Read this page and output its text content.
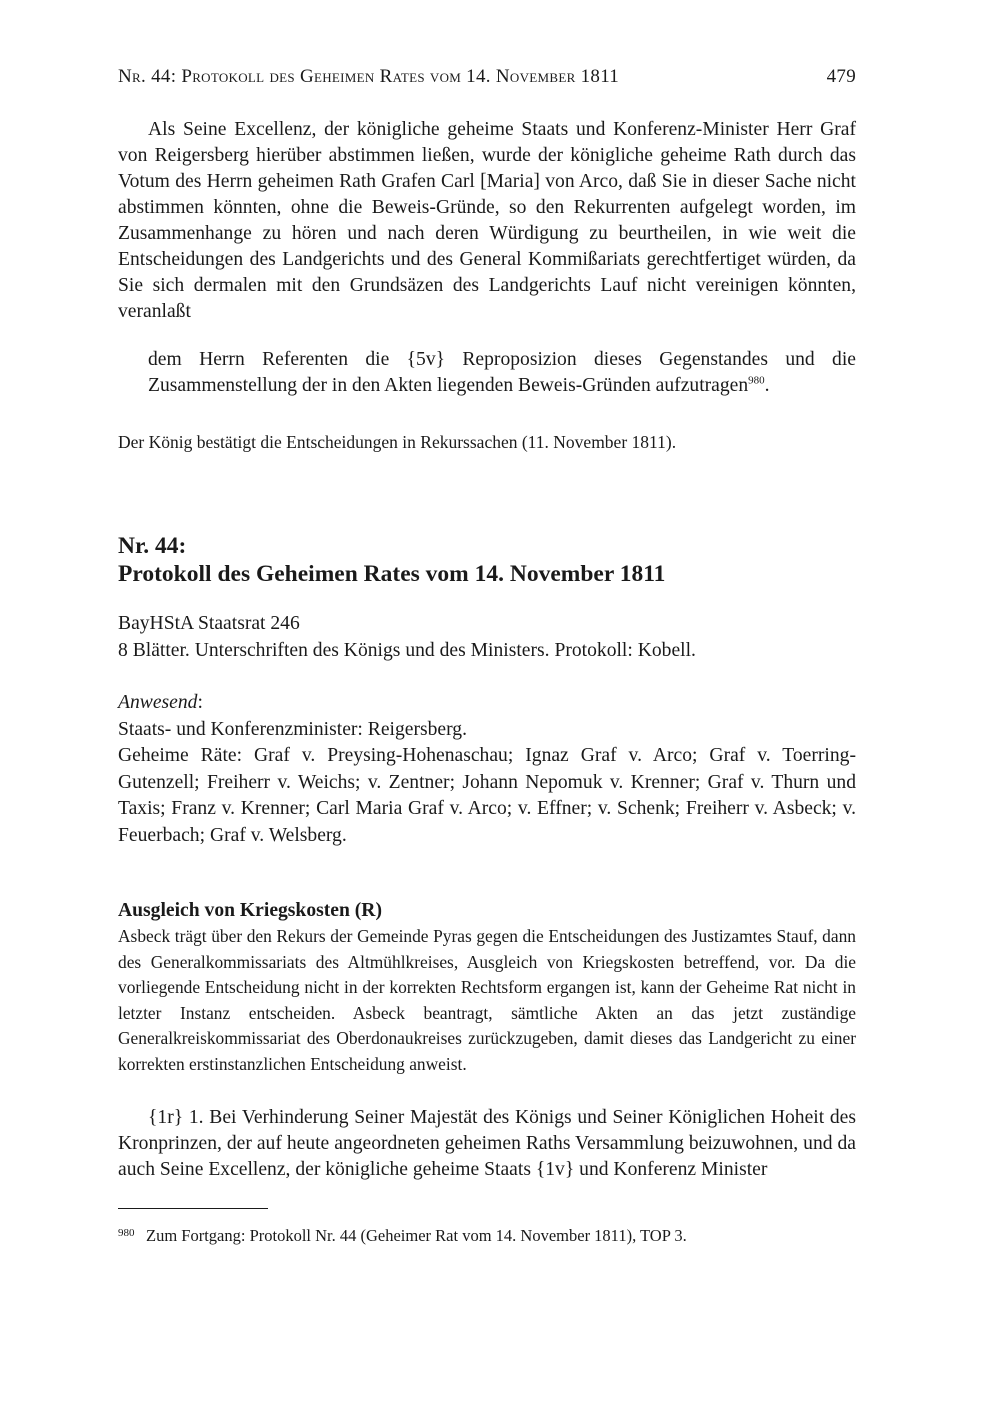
Nr. 44: Protokoll des Geheimen Rates vom 14. November 1811	479

Als Seine Excellenz, der königliche geheime Staats und Konferenz-Minister Herr Graf von Reigersberg hierüber abstimmen ließen, wurde der königliche geheime Rath durch das Votum des Herrn geheimen Rath Grafen Carl [Maria] von Arco, daß Sie in dieser Sache nicht abstimmen könnten, ohne die Beweis-Gründe, so den Rekurrenten aufgelegt worden, im Zusammenhange zu hören und nach deren Würdigung zu beurtheilen, in wie weit die Entscheidungen des Landgerichts und des General Kommißariats gerechtfertiget würden, da Sie sich dermalen mit den Grundsäzen des Landgerichts Lauf nicht vereinigen könnten, veranlaßt

dem Herrn Referenten die {5v} Reproposizion dieses Gegenstandes und die Zusammenstellung der in den Akten liegenden Beweis-Gründen aufzutragen$^{980}$.

Der König bestätigt die Entscheidungen in Rekurssachen (11. November 1811).
Nr. 44:
Protokoll des Geheimen Rates vom 14. November 1811
BayHStA Staatsrat 246
8 Blätter. Unterschriften des Königs und des Ministers. Protokoll: Kobell.
Anwesend:
Staats- und Konferenzminister: Reigersberg.
Geheime Räte: Graf v. Preysing-Hohenaschau; Ignaz Graf v. Arco; Graf v. Toerring-Gutenzell; Freiherr v. Weichs; v. Zentner; Johann Nepomuk v. Krenner; Graf v. Thurn und Taxis; Franz v. Krenner; Carl Maria Graf v. Arco; v. Effner; v. Schenk; Freiherr v. Asbeck; v. Feuerbach; Graf v. Welsberg.
Ausgleich von Kriegskosten (R)

Asbeck trägt über den Rekurs der Gemeinde Pyras gegen die Entscheidungen des Justizamtes Stauf, dann des Generalkommissariats des Altmühlkreises, Ausgleich von Kriegskosten betreffend, vor. Da die vorliegende Entscheidung nicht in der korrekten Rechtsform ergangen ist, kann der Geheime Rat nicht in letzter Instanz entscheiden. Asbeck beantragt, sämtliche Akten an das jetzt zuständige Generalkreiskommissariat des Oberdonaukreises zurückzugeben, damit dieses das Landgericht zu einer korrekten erstinstanzlichen Entscheidung anweist.

{1r} 1. Bei Verhinderung Seiner Majestät des Königs und Seiner Königlichen Hoheit des Kronprinzen, der auf heute angeordneten geheimen Raths Versammlung beizuwohnen, und da auch Seine Excellenz, der königliche geheime Staats {1v} und Konferenz Minister

980 Zum Fortgang: Protokoll Nr. 44 (Geheimer Rat vom 14. November 1811), TOP 3.
